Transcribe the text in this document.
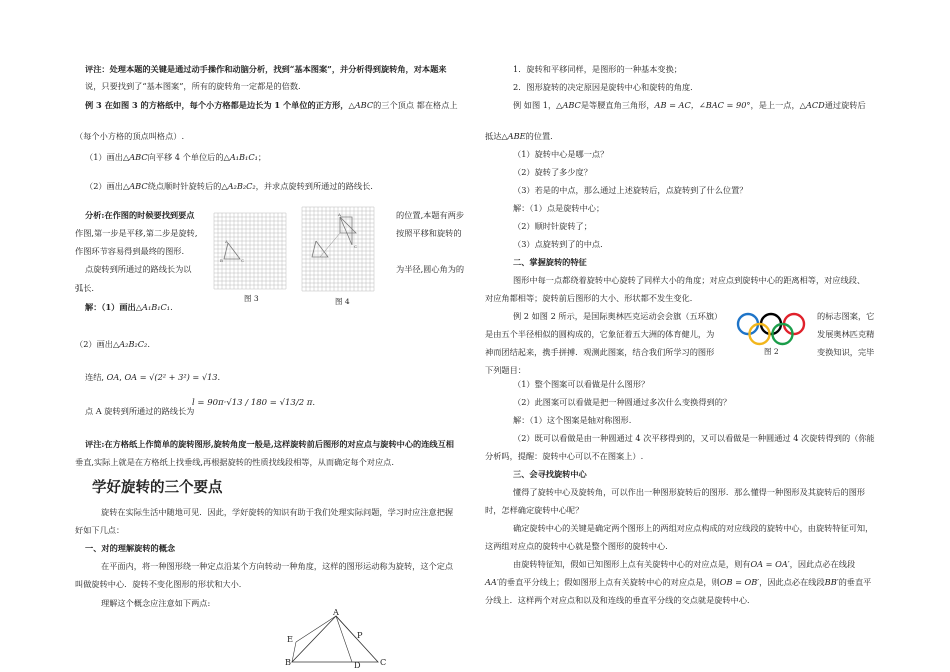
评注：处理本题的关键是通过动手操作和动脑分析，找到“基本图案”，并分析得到旋转角，对本题来
说，只要找到了“基本图案”，所有的旋转角一定都是的倍数.
例 3 在如图 3 的方格纸中，每个小方格都是边长为 1 个单位的正方形，△ABC的三个顶点 都在格点上
（每个小方格的顶点叫格点）.
（1）画出△ABC向平移 4 个单位后的△A₁B₁C₁；
（2）画出△ABC绕点顺时针旋转后的△A₂B₂C₂，并求点旋转到所通过的路线长.
分析:在作图的时候要找到要点	的位置,本题有两步
作图,第一步是平移,第二步是旋转,	按照平移和旋转的
作图环节容易得到最终的图形.
点旋转到所通过的路线长为以	为半径,圆心角为的
弧长.
A
B	C
图 3
A
C
图 4
解：（1）画出△A₁B₁C₁.
（2）画出△A₂B₂C₂.
连结, OA, OA = √(2² + 3²) = √13.
点 A 旋转到所通过的路线长为
l = 90π·√13 / 180 = √13/2 π.
评注:在方格纸上作简单的旋转图形,旋转角度一般是,这样旋转前后图形的对应点与旋转中心的连线互相
垂直,实际上就是在方格纸上找垂线,再根据旋转的性质找线段相等，从而确定每个对应点.
学好旋转的三个要点
旋转在实际生活中随地可见．因此，学好旋转的知识有助于我们处理实际问题，学习时应注意把握
好如下几点：
一、对的理解旋转的概念
在平面内，将一种图形绕一种定点沿某个方向转动一种角度，这样的图形运动称为旋转，这个定点
叫做旋转中心．旋转不变化图形的形状和大小．
理解这个概念应注意如下两点:
A
E	P
B	D C
1．旋转和平移同样，是图形的一种基本变换；
2．图形旋转的决定原因是旋转中心和旋转的角度．
例 如图 1，△ABC是等腰直角三角形，AB = AC，∠BAC = 90°，是上一点，△ACD通过旋转后
抵达△ABE的位置．
（1）旋转中心是哪一点？
（2）旋转了多少度？
（3）若是的中点，那么通过上述旋转后，点旋转到了什么位置？
解：（1）点是旋转中心；
（2）顺时针旋转了；
（3）点旋转到了的中点．
二、掌握旋转的特征
图形中每一点都绕着旋转中心旋转了同样大小的角度；对应点到旋转中心的距离相等，对应线段、
对应角都相等；旋转前后图形的大小、形状都不发生变化．
例 2 如图 2 所示，是国际奥林匹克运动会会旗（五环旗）	的标志图案，它
是由五个半径相似的圆构成的，它象征着五大洲的体育健儿，为	发展奥林匹克精
神而团结起来，携手拼搏．观测此图案，结合我们所学习的图形	变换知识，完毕
下列题目：
图 2
（1）整个图案可以看做是什么图形？
（2）此图案可以看做是把一种圆通过多次什么变换得到的？
解：（1）这个图案是轴对称图形.
（2）既可以看做是由一种圆通过 4 次平移得到的，又可以看做是一种圆通过 4 次旋转得到的（你能
分析吗，提醒：旋转中心可以不在图案上）.
三、会寻找旋转中心
懂得了旋转中心及旋转角，可以作出一种图形旋转后的图形．那么懂得一种图形及其旋转后的图形
时，怎样确定旋转中心呢？
确定旋转中心的关键是确定两个图形上的两组对应点构成的对应线段的旋转中心，由旋转特征可知，
这两组对应点的旋转中心就是整个图形的旋转中心.
由旋转特征知，假如已知图形上点有关旋转中心的对应点是，则有OA = OA′，因此点必在线段
AA′的垂直平分线上；假如图形上点有关旋转中心的对应点是，则OB = OB′，因此点必在线段BB′的垂直平
分线上．这样两个对应点和以及和连线的垂直平分线的交点就是旋转中心．
